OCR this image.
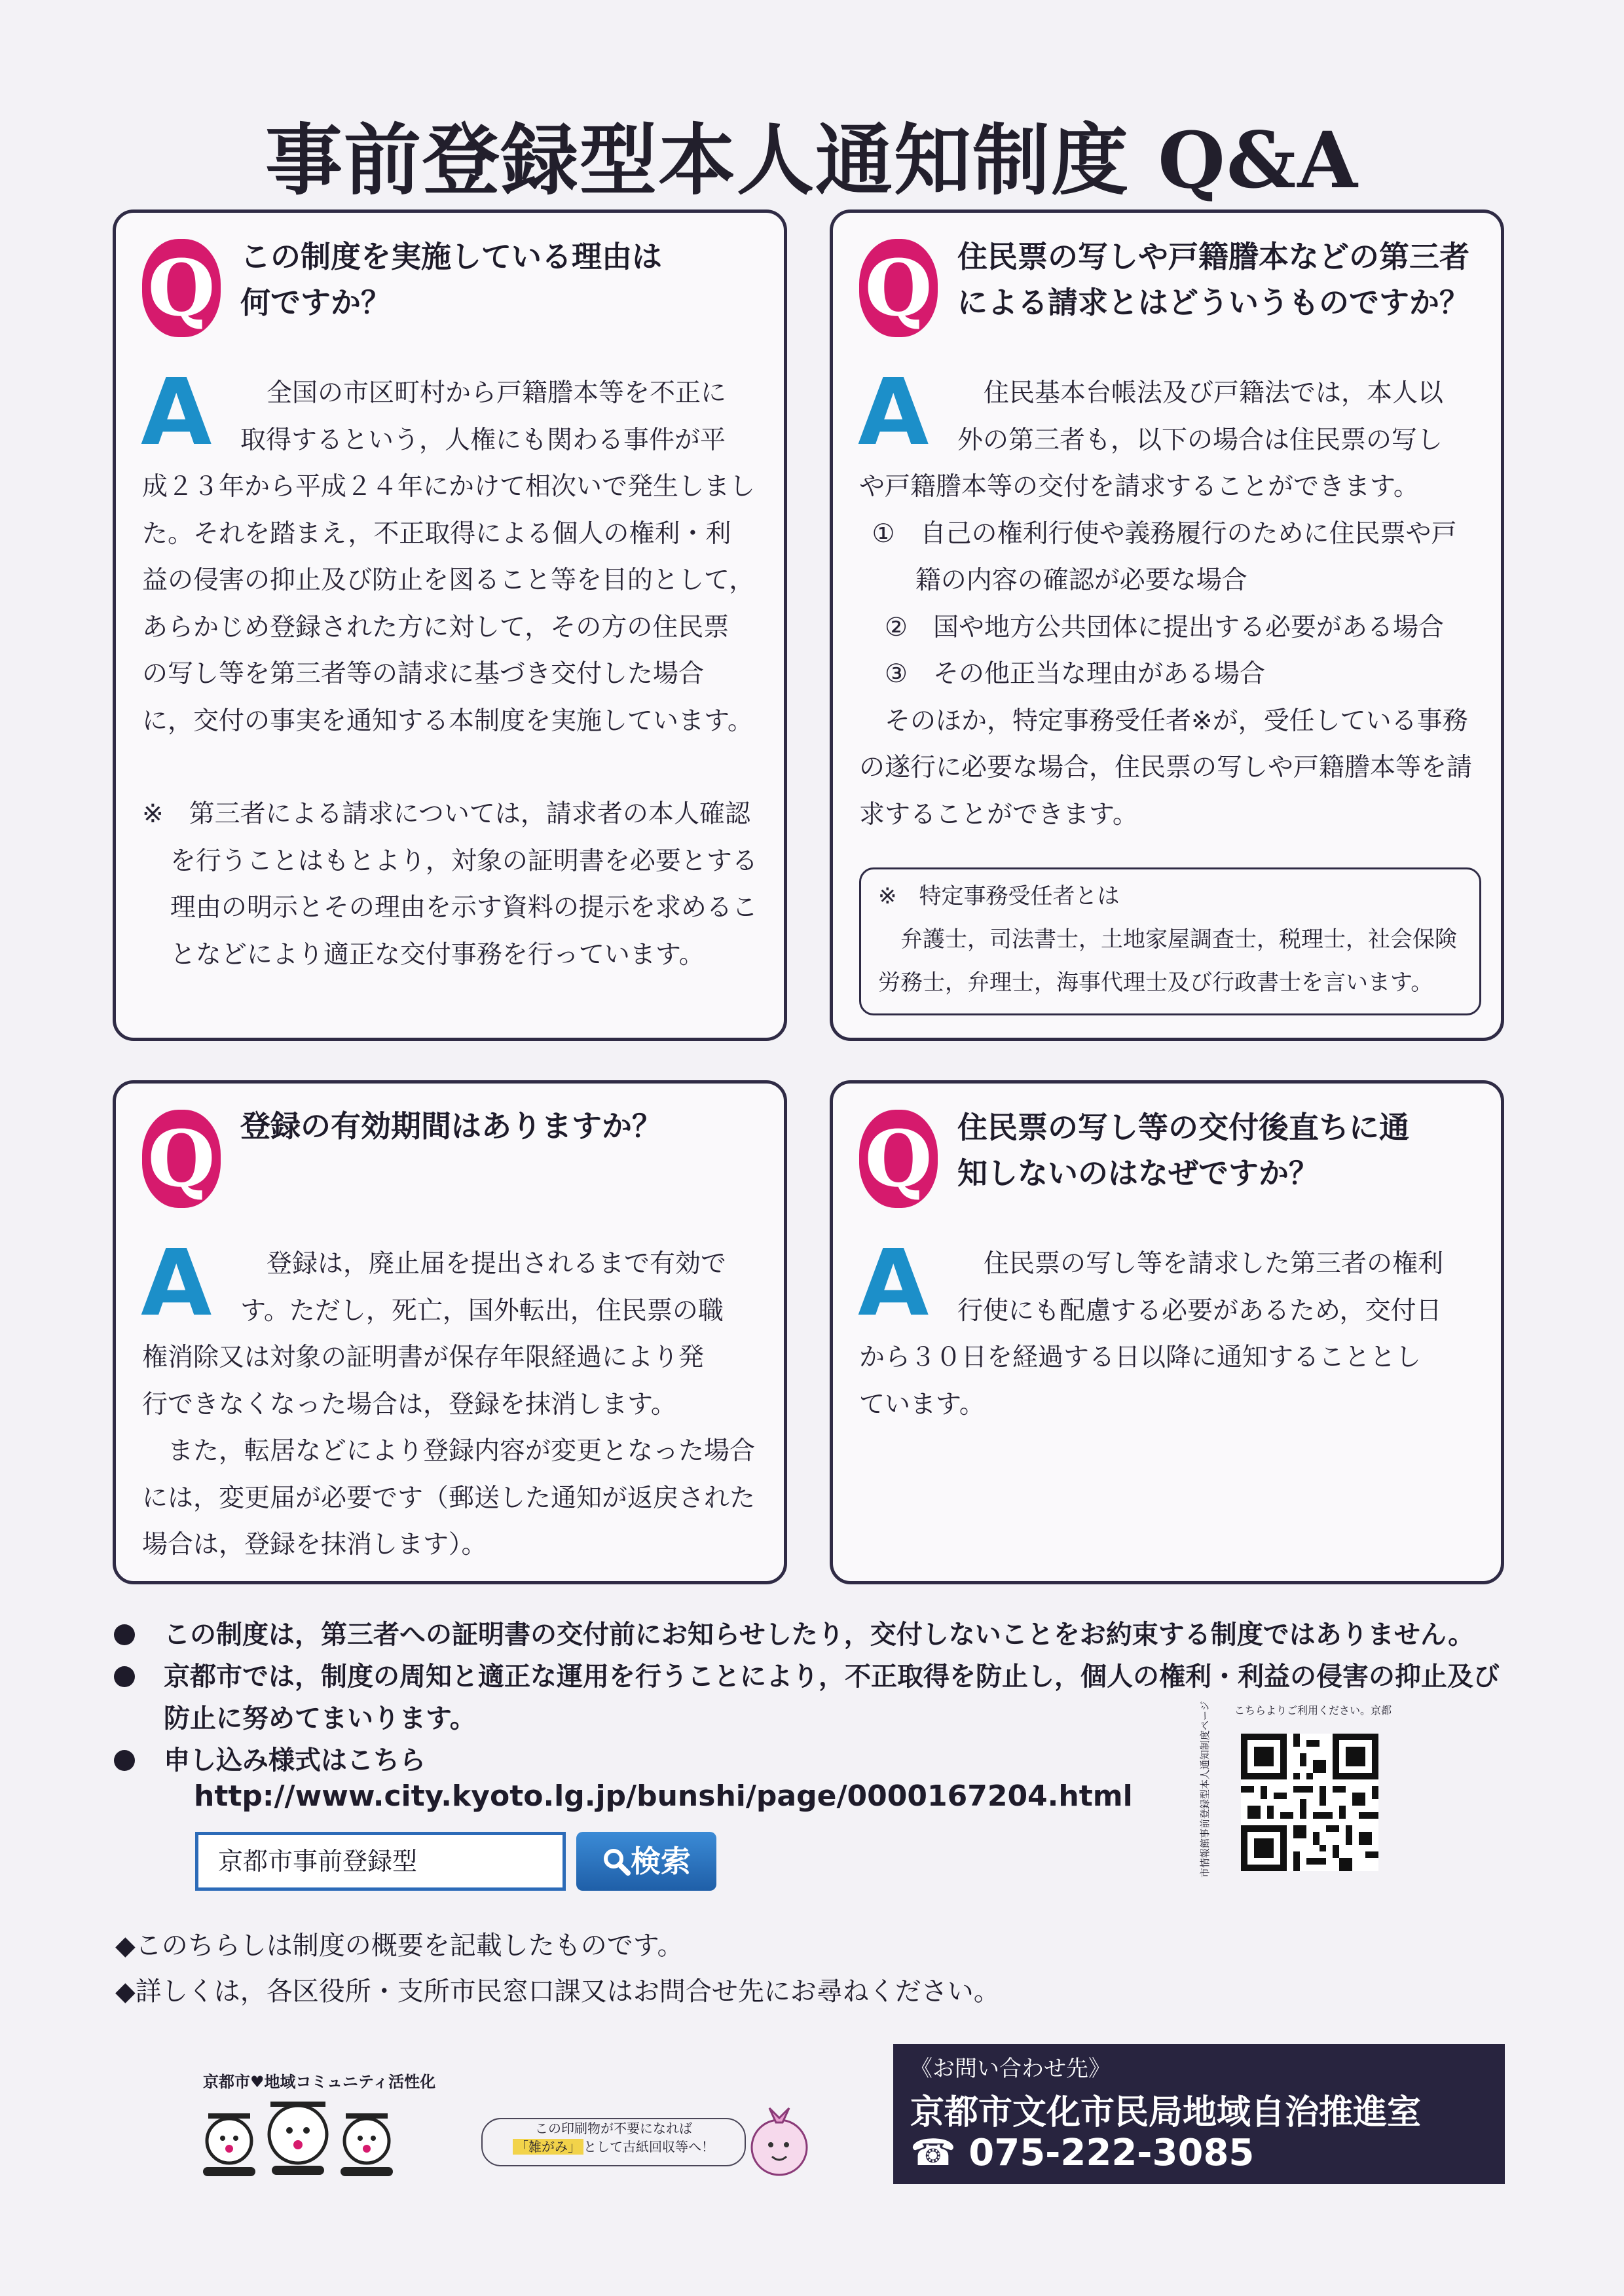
事前登録型本人通知制度 Q&A
Q この制度を実施している理由は
何ですか？
A	全国の市区町村から戸籍謄本等を不正に

取得するという，人権にも関わる事件が平

成２３年から平成２４年にかけて相次いで発生しまし

た。それを踏まえ，不正取得による個人の権利・利

益の侵害の抑止及び防止を図ること等を目的として，

あらかじめ登録された方に対して，その方の住民票

の写し等を第三者等の請求に基づき交付した場合

に，交付の事実を通知する本制度を実施しています。

※　第三者による請求については，請求者の本人確認を行うことはもとより，対象の証明書を必要とする理由の明示とその理由を示す資料の提示を求めることなどにより適正な交付事務を行っています。

Q 住民票の写しや戸籍謄本などの第三者
による請求とはどういうものですか？
A	住民基本台帳法及び戸籍法では，本人以

外の第三者も，以下の場合は住民票の写し

や戸籍謄本等の交付を請求することができます。

①　自己の権利行使や義務履行のために住民票や戸籍の内容の確認が必要な場合

②　国や地方公共団体に提出する必要がある場合

③　その他正当な理由がある場合

そのほか，特定事務受任者※が，受任している事務の遂行に必要な場合，住民票の写しや戸籍謄本等を請求することができます。

※　特定事務受任者とは
弁護士，司法書士，土地家屋調査士，税理士，社会保険労務士，弁理士，海事代理士及び行政書士を言います。
Q 登録の有効期間はありますか？
A	登録は，廃止届を提出されるまで有効で

す。ただし，死亡，国外転出，住民票の職

権消除又は対象の証明書が保存年限経過により発

行できなくなった場合は，登録を抹消します。

また，転居などにより登録内容が変更となった場合には，変更届が必要です（郵送した通知が返戻された場合は，登録を抹消します）。

Q 住民票の写し等の交付後直ちに通
知しないのはなぜですか？
A	住民票の写し等を請求した第三者の権利

行使にも配慮する必要があるため，交付日

から３０日を経過する日以降に通知することとし

ています。

この制度は，第三者への証明書の交付前にお知らせしたり，交付しないことをお約束する制度ではありません。
京都市では，制度の周知と適正な運用を行うことにより，不正取得を防止し，個人の権利・利益の侵害の抑止及び防止に努めてまいります。
申し込み様式はこちら
http://www.city.kyoto.lg.jp/bunshi/page/0000167204.html
京都市事前登録型	検索
◆このちらしは制度の概要を記載したものです。
◆詳しくは，各区役所・支所市民窓口課又はお問合せ先にお尋ねください。
こちらよりご利用ください。京都
市情報館事前登録型本人通知制度ページ
京都市♥地域コミュニティ活性化
この印刷物が不要になれば
「雑がみ」 として古紙回収等へ！
《お問い合わせ先》
京都市文化市民局地域自治推進室
☎ 075-222-3085
